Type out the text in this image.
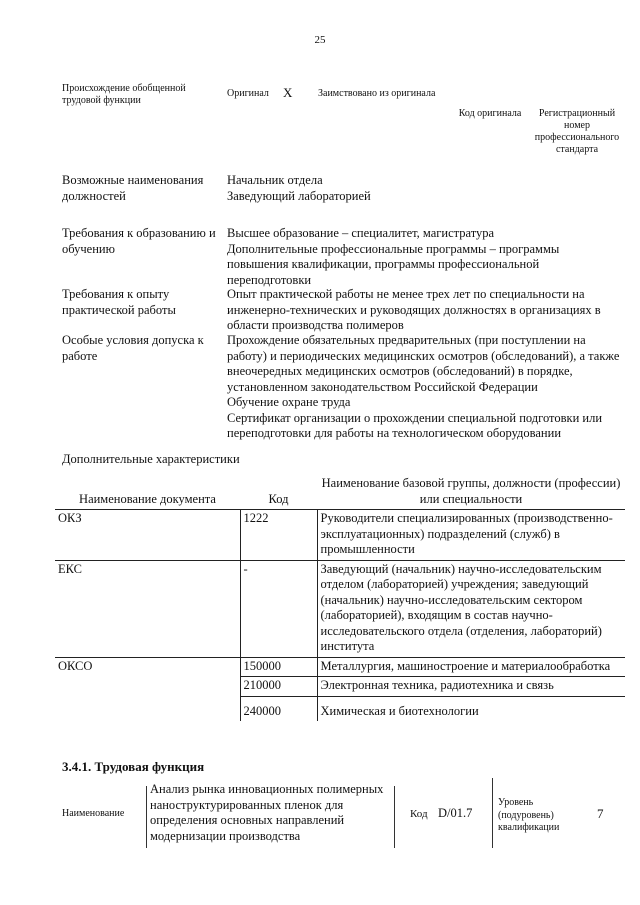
25
Происхождение обобщенной трудовой функции
Оригинал X	Заимствовано из оригинала
Код оригинала	Регистрационный номер профессионального стандарта
Возможные наименования должностей
Начальник отдела
Заведующий лабораторией
Требования к образованию и обучению
Высшее образование – специалитет, магистратура
Дополнительные профессиональные программы – программы повышения квалификации, программы профессиональной переподготовки
Требования к опыту практической работы
Опыт практической работы не менее трех лет по специальности на инженерно-технических и руководящих должностях в организациях в области производства полимеров
Особые условия допуска к работе
Прохождение обязательных предварительных (при поступлении на работу) и периодических медицинских осмотров (обследований), а также внеочередных медицинских осмотров (обследований) в порядке, установленном законодательством Российской Федерации
Обучение охране труда
Сертификат организации о прохождении специальной подготовки или переподготовки для работы на технологическом оборудовании
Дополнительные характеристики
Наименование документа	Код	Наименование базовой группы, должности (профессии) или специальности
ОКЗ	1222	Руководители специализированных (производственно-эксплуатационных) подразделений (служб) в промышленности
ЕКС	-	Заведующий (начальник) научно-исследовательским отделом (лабораторией) учреждения; заведующий (начальник) научно-исследовательским сектором (лабораторией), входящим в состав научно-исследовательского отдела (отделения, лабораторий) института
ОКСО	150000	Металлургия, машиностроение и материалообработка
	210000	Электронная техника, радиотехника и связь
	240000	Химическая и биотехнологии
3.4.1. Трудовая функция
Наименование
Анализ рынка инновационных полимерных наноструктурированных пленок для определения основных направлений модернизации производства
Код D/01.7
Уровень (подуровень) квалификации
7
